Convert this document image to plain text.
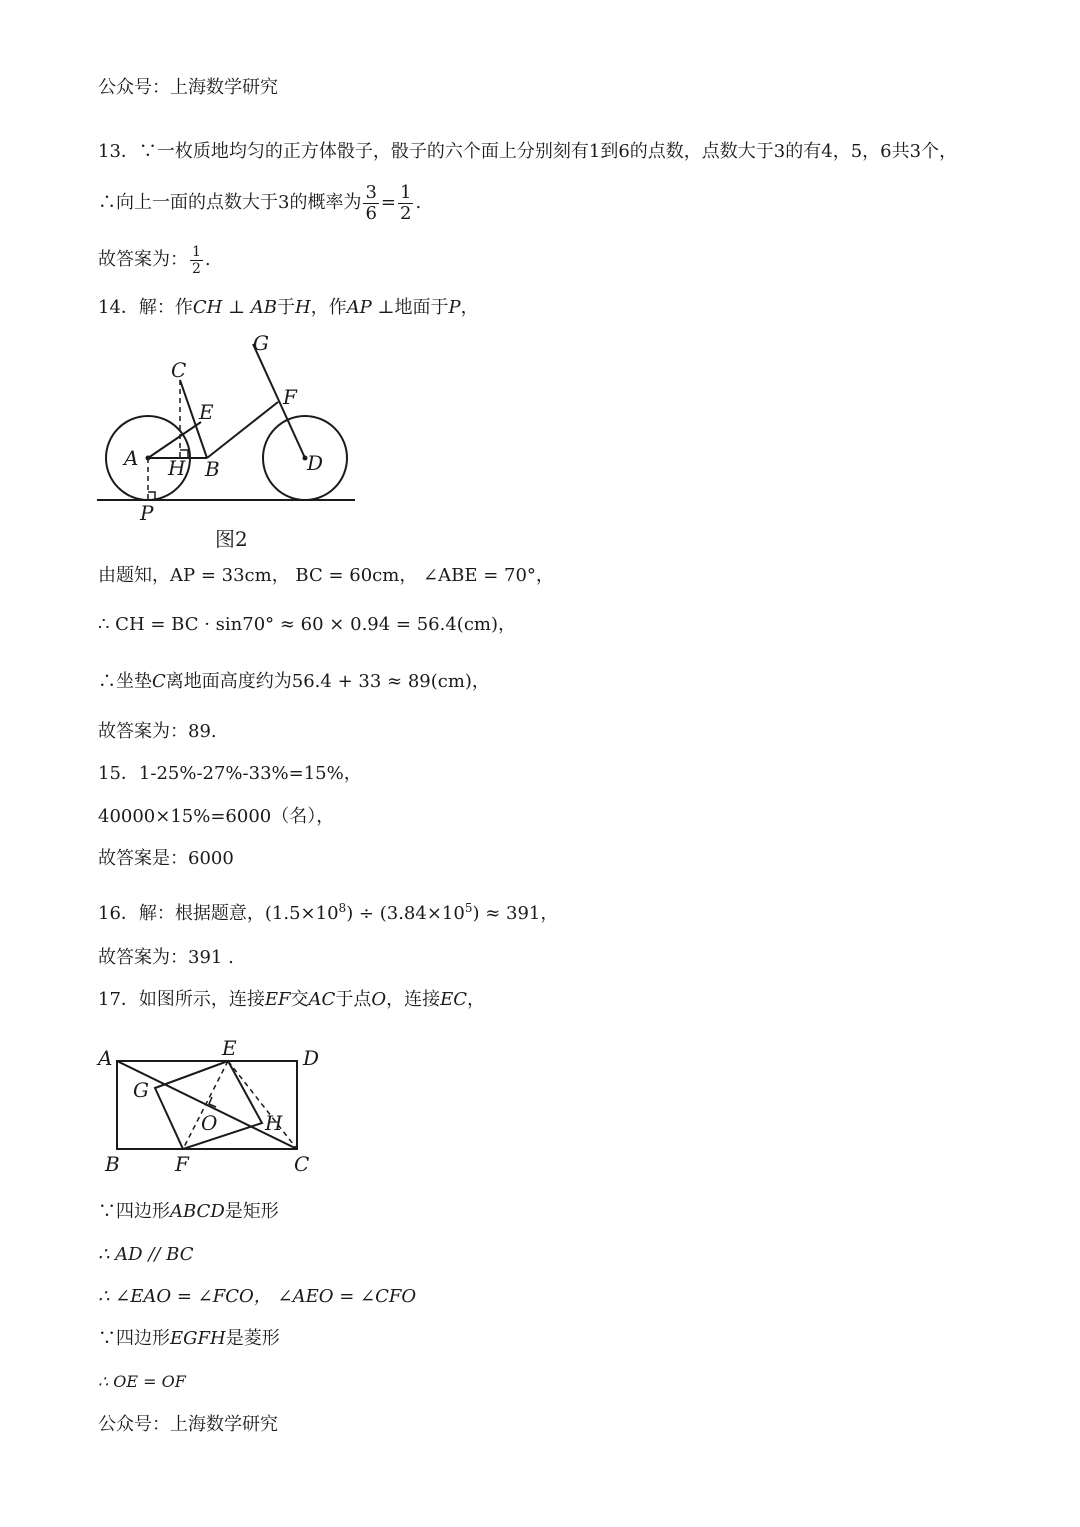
公众号：上海数学研究
13．∵一枚质地均匀的正方体骰子，骰子的六个面上分别刻有1到6的点数，点数大于3的有4，5，6共3个，
∴向上一面的点数大于3的概率为 $\frac{3}{6} = \frac{1}{2}$ .
故答案为： $\frac{1}{2}$ .
14．解：作CH ⊥ AB于H，作AP ⊥地面于P，
G
C
F
E
A H B	D
P
图2
由题知，AP = 33cm， BC = 60cm， ∠ABE = 70°，
∴ CH = BC · sin70° ≈ 60 × 0.94 = 56.4(cm)，
∴坐垫C离地面高度约为56.4 + 33 ≈ 89(cm)，
故答案为：89.
15．1-25%-27%-33%=15%，
40000×15%=6000（名），
故答案是：6000
16．解：根据题意，$(1.5\times 10^8) \div (3.84\times 10^5) \approx 391$，
故答案为：391 .
17．如图所示，连接EF交AC于点O，连接EC，
A	E	D
G
O H
B	F	C
∵四边形ABCD是矩形
∴ AD // BC
∴ ∠EAO = ∠FCO， ∠AEO = ∠CFO
∵四边形EGFH是菱形
∴ OE = OF
公众号：上海数学研究
